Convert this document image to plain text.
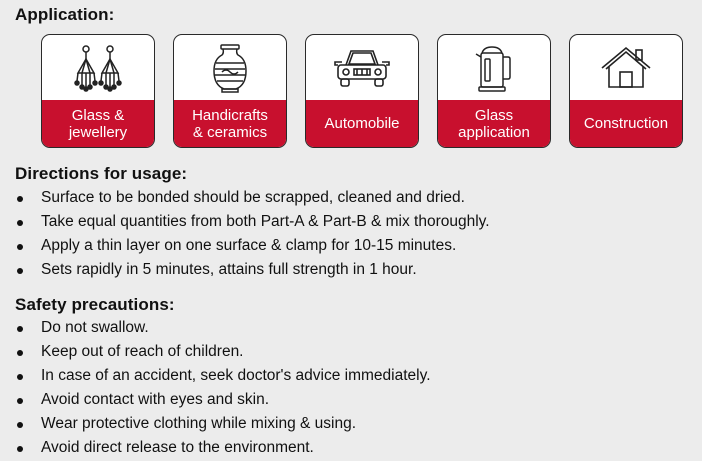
Application:
Glass &
jewellery
Handicrafts
& ceramics	Automobile	Glass
application	Construction
Directions for usage:
Surface to be bonded should be scrapped, cleaned and dried.
Take equal quantities from both Part-A & Part-B & mix thoroughly.
Apply a thin layer on one surface & clamp for 10-15 minutes.
Sets rapidly in 5 minutes, attains full strength in 1 hour.
Safety precautions:
Do not swallow.
Keep out of reach of children.
In case of an accident, seek doctor's advice immediately.
Avoid contact with eyes and skin.
Wear protective clothing while mixing & using.
Avoid direct release to the environment.
